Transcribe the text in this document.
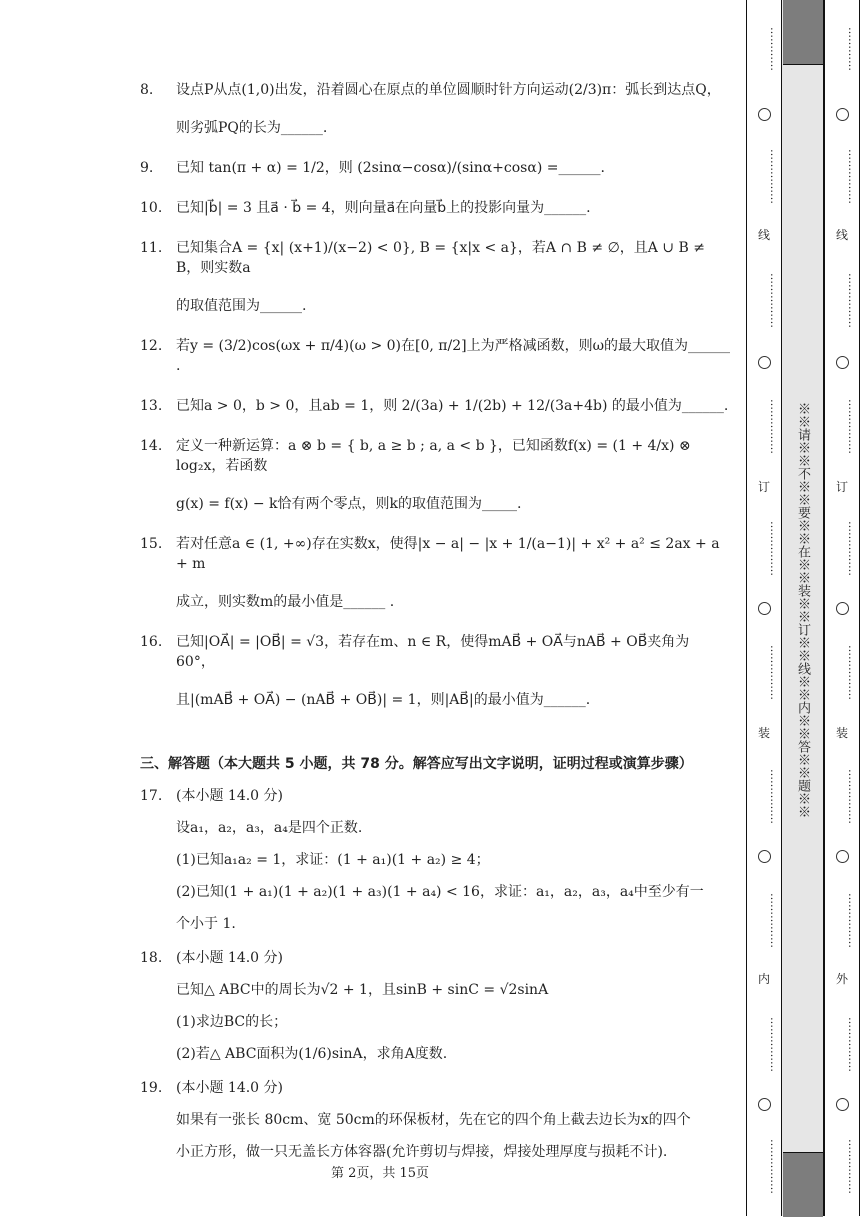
8. 设点P从点(1,0)出发，沿着圆心在原点的单位圆顺时针方向运动(2/3)π：弧长到达点Q，
则劣弧PQ的长为______.
9. 已知 tan(π + α) = 1/2，则 (2sinα−cosα)/(sinα+cosα) =______.
10. 已知|b⃗| = 3 且a⃗ · b⃗ = 4，则向量a⃗在向量b⃗上的投影向量为______.
11. 已知集合A = {x| (x+1)/(x−2) < 0}, B = {x|x < a}，若A ∩ B ≠ ∅，且A ∪ B ≠ B，则实数a
的取值范围为______.
12. 若y = (3/2)cos(ωx + π/4)(ω > 0)在[0, π/2]上为严格减函数，则ω的最大取值为______ .
13. 已知a > 0，b > 0，且ab = 1，则 2/(3a) + 1/(2b) + 12/(3a+4b) 的最小值为______.
14. 定义一种新运算：a ⊗ b = { b, a ≥ b ; a, a < b }，已知函数f(x) = (1 + 4/x) ⊗ log₂x，若函数
g(x) = f(x) − k恰有两个零点，则k的取值范围为_____.
15. 若对任意a ∈ (1, +∞)存在实数x，使得|x − a| − |x + 1/(a−1)| + x² + a² ≤ 2ax + a + m
成立，则实数m的最小值是______ .
16. 已知|OA⃗| = |OB⃗| = √3，若存在m、n ∈ R，使得mAB⃗ + OA⃗与nAB⃗ + OB⃗夹角为 60°，
且|(mAB⃗ + OA⃗) − (nAB⃗ + OB⃗)| = 1，则|AB⃗|的最小值为______.
三、解答题（本大题共 5 小题，共 78 分。解答应写出文字说明，证明过程或演算步骤）
17. (本小题 14.0 分)
设a₁，a₂，a₃，a₄是四个正数.
(1)已知a₁a₂ = 1，求证：(1 + a₁)(1 + a₂) ≥ 4；
(2)已知(1 + a₁)(1 + a₂)(1 + a₃)(1 + a₄) < 16，求证：a₁，a₂，a₃，a₄中至少有一
个小于 1.
18. (本小题 14.0 分)
已知△ ABC中的周长为√2 + 1，且sinB + sinC = √2sinA
(1)求边BC的长；
(2)若△ ABC面积为(1/6)sinA，求角A度数.
19. (本小题 14.0 分)
如果有一张长 80cm、宽 50cm的环保板材，先在它的四个角上截去边长为x的四个
小正方形，做一只无盖长方体容器(允许剪切与焊接，焊接处理厚度与损耗不计).
第 2页，共 15页
…………
……………
线
……………
……………
订
……………
……………
装
……………
……………
内
……………
……………
※※请※※不※※要※※在※※装※※订※※线※※内※※答※※题※※
…………
……………
线
……………
……………
订
……………
……………
装
……………
……………
外
……………
……………
